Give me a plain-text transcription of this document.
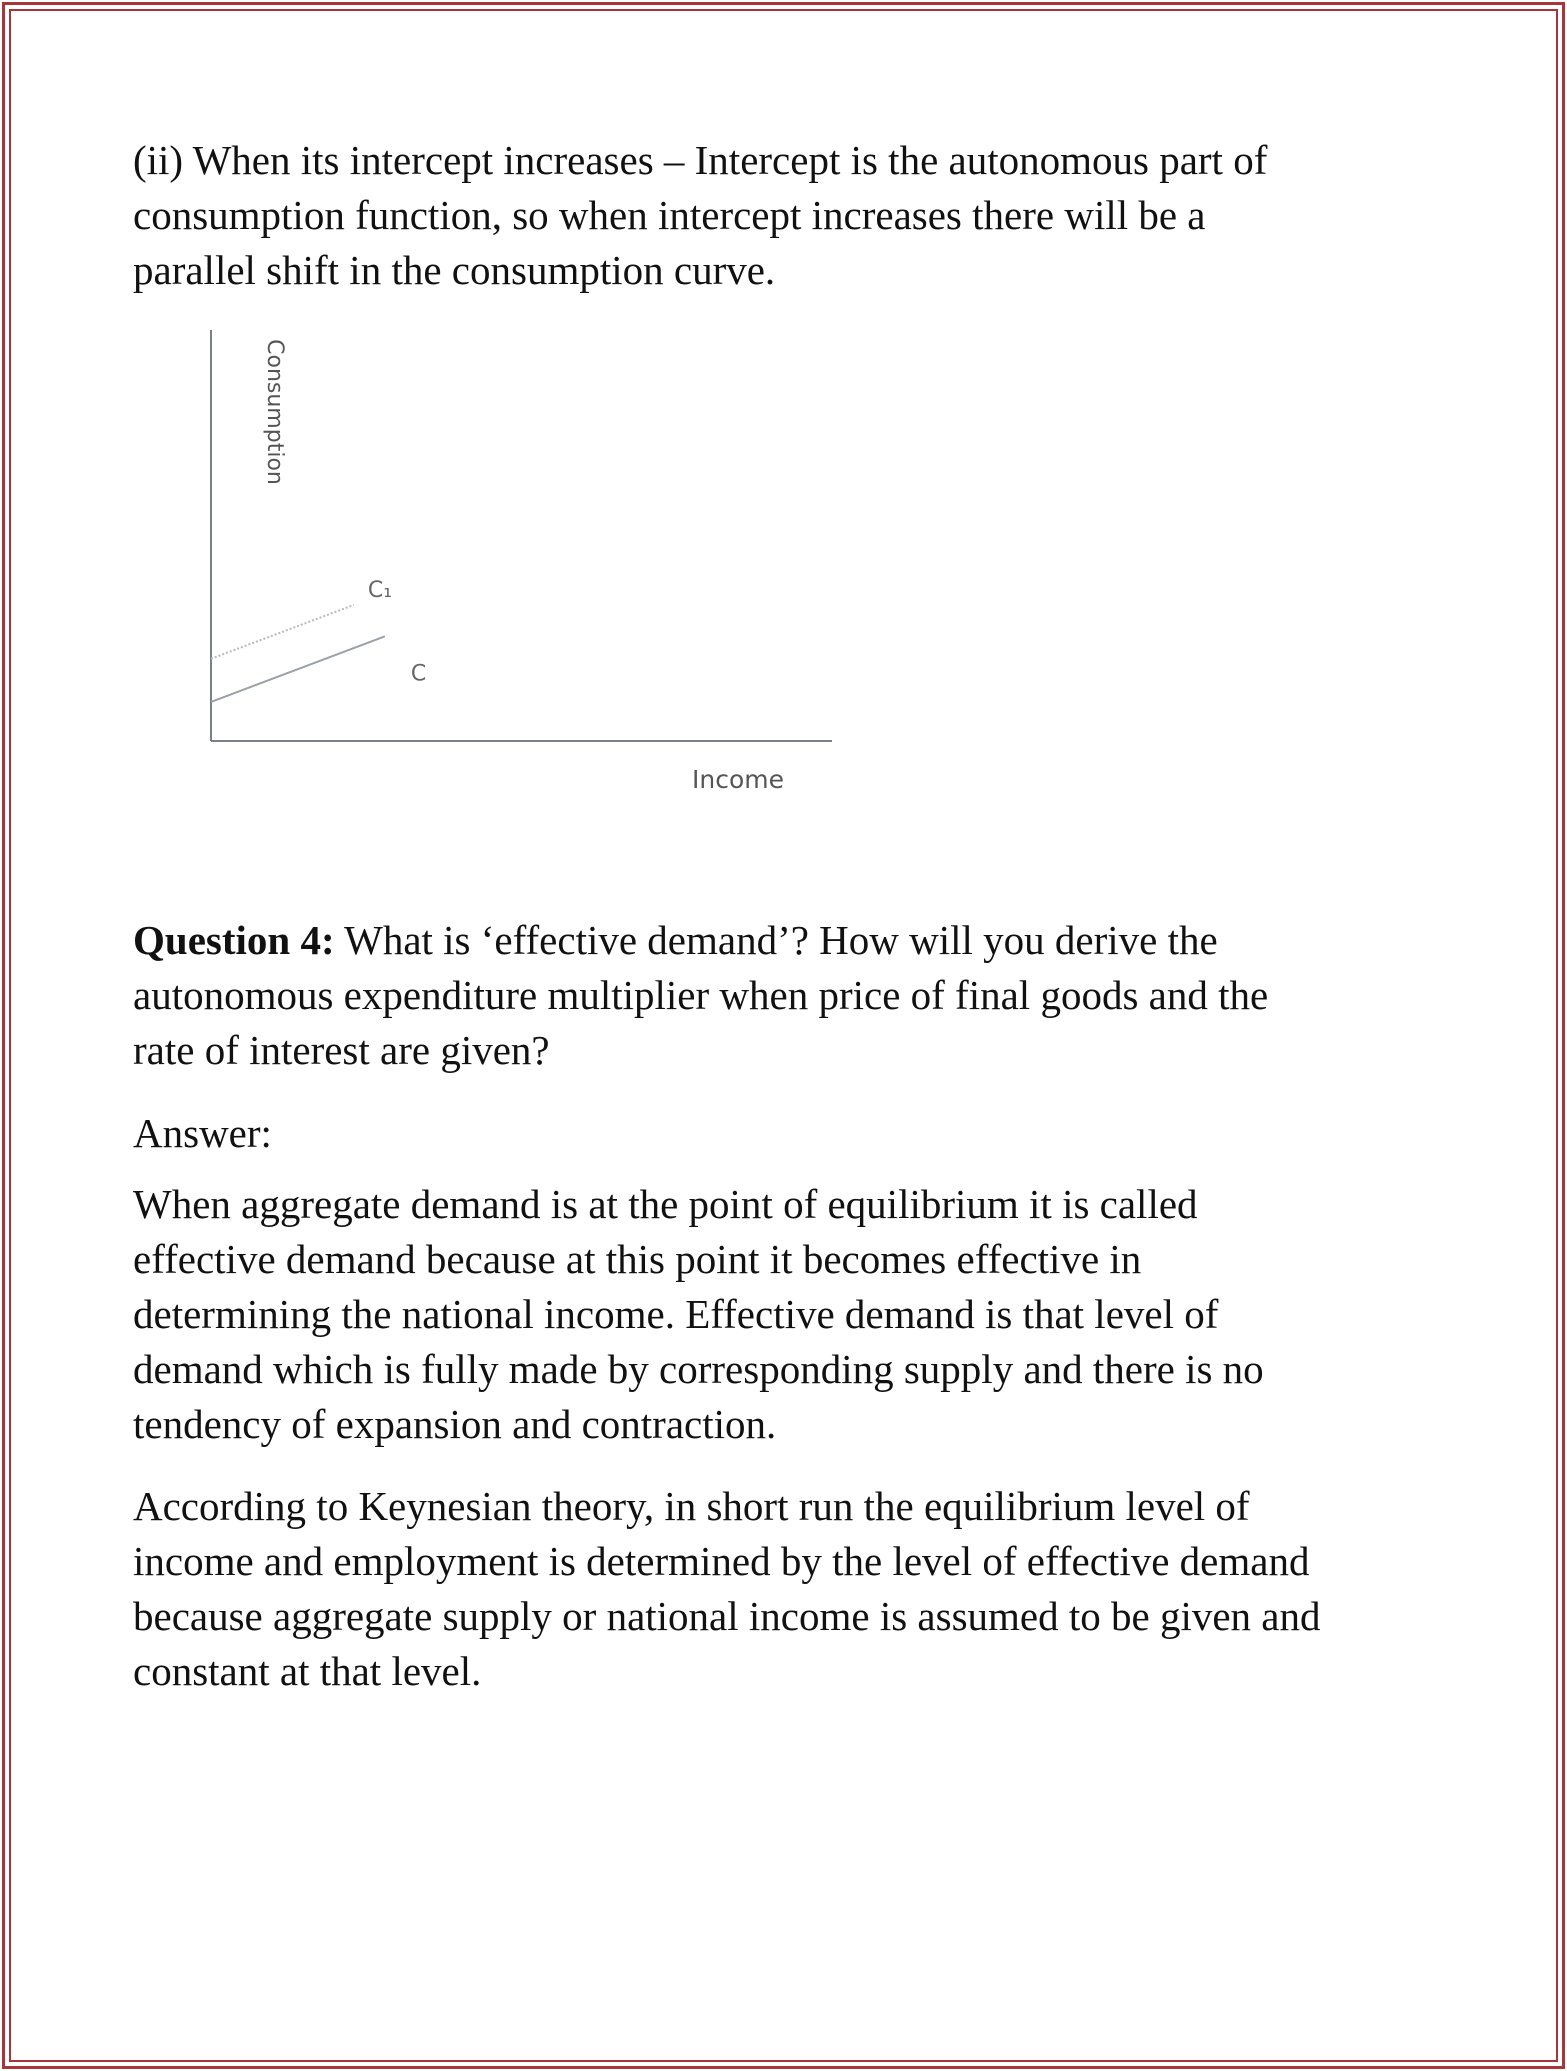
(ii) When its intercept increases – Intercept is the autonomous part of
consumption function, so when intercept increases there will be a
parallel shift in the consumption curve.

Consumption
Income
C₁
C

Question 4: What is ‘effective demand’? How will you derive the
autonomous expenditure multiplier when price of final goods and the
rate of interest are given?

Answer:

When aggregate demand is at the point of equilibrium it is called
effective demand because at this point it becomes effective in
determining the national income. Effective demand is that level of
demand which is fully made by corresponding supply and there is no
tendency of expansion and contraction.

According to Keynesian theory, in short run the equilibrium level of
income and employment is determined by the level of effective demand
because aggregate supply or national income is assumed to be given and
constant at that level.
